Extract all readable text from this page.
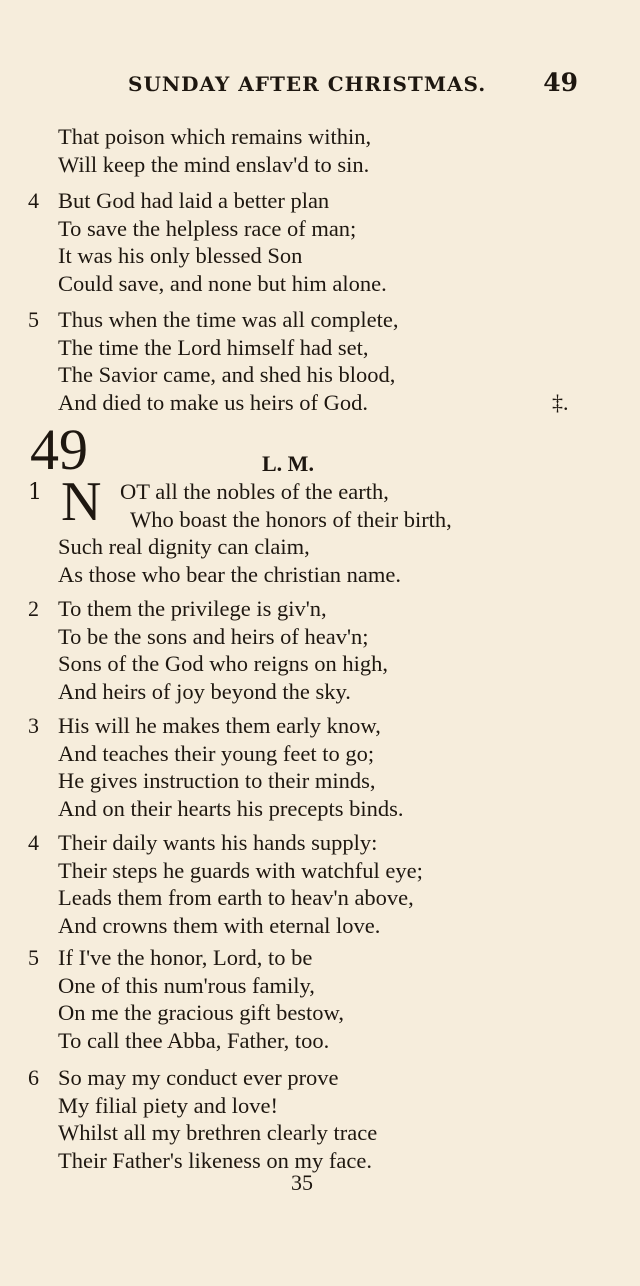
SUNDAY AFTER CHRISTMAS. 49
That poison which remains within,
Will keep the mind enslav'd to sin.
4 But God had laid a better plan
To save the helpless race of man;
It was his only blessed Son
Could save, and none but him alone.
5 Thus when the time was all complete,
The time the Lord himself had set,
The Savior came, and shed his blood,
And died to make us heirs of God.	‡.
49	L. M.
1 N OT all the nobles of the earth,
Who boast the honors of their birth,
Such real dignity can claim,
As those who bear the christian name.
2 To them the privilege is giv'n,
To be the sons and heirs of heav'n;
Sons of the God who reigns on high,
And heirs of joy beyond the sky.
3 His will he makes them early know,
And teaches their young feet to go;
He gives instruction to their minds,
And on their hearts his precepts binds.
4 Their daily wants his hands supply:
Their steps he guards with watchful eye;
Leads them from earth to heav'n above,
And crowns them with eternal love.
5 If I've the honor, Lord, to be
One of this num'rous family,
On me the gracious gift bestow,
To call thee Abba, Father, too.
6 So may my conduct ever prove
My filial piety and love!
Whilst all my brethren clearly trace
Their Father's likeness on my face.
35
